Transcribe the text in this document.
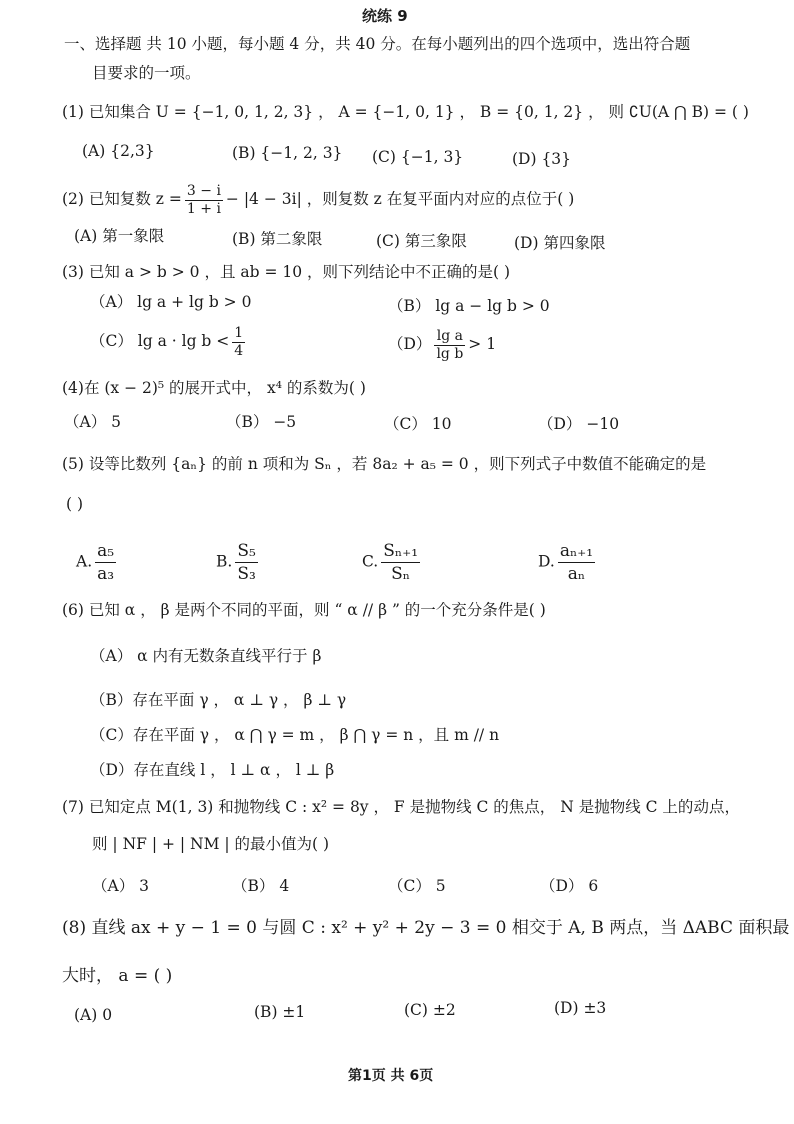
统练 9
一、选择题 共 10 小题，每小题 4 分，共 40 分。在每小题列出的四个选项中，选出符合题
目要求的一项。
(1) 已知集合 U = {−1, 0, 1, 2, 3} ， A = {−1, 0, 1} ， B = {0, 1, 2} ， 则 ∁U(A ⋂ B) = ( )
(A) {2,3}	(B) {−1, 2, 3} (C) {−1, 3}	(D) {3}
(2) 已知复数 $z = \frac{3 - i}{1 + i} - |4 - 3i|$ ，则复数 z 在复平面内对应的点位于( )
(A) 第一象限	(B) 第二象限	(C) 第三象限	(D) 第四象限
(3) 已知 a > b > 0 ，且 ab = 10 ，则下列结论中不正确的是( )
（A） lg a + lg b > 0	（B） lg a − lg b > 0
（C） $\lg a \cdot \lg b < \frac{1}{4}$	$(D) \frac{\text{lg a}}{\text{lg b}} > 1$
(4)在 (x − 2)⁵ 的展开式中， x⁴ 的系数为( )
（A） 5	（B） −5	（C） 10	（D） −10
(5) 设等比数列 {aₙ} 的前 n 项和为 Sₙ ，若 8a₂ + a₅ = 0 ，则下列式子中数值不能确定的是
( )
A. $\frac{\text{a₅}}{\text{a₃}}$	B. $\frac{\text{S₅}}{\text{S₃}}$	C. $\frac{\text{Sₙ₊₁}}{\text{Sₙ}}$	D. $\frac{\text{aₙ₊₁}}{\text{aₙ}}$
(6) 已知 α ， β 是两个不同的平面，则 “ α // β ” 的一个充分条件是( )
（A） α 内有无数条直线平行于 β
（B）存在平面 γ ， α ⊥ γ ， β ⊥ γ
（C）存在平面 γ ， α ⋂ γ = m ， β ⋂ γ = n ，且 m // n
（D）存在直线 l ， l ⊥ α ， l ⊥ β
(7) 已知定点 M(1, 3) 和抛物线 C : x² = 8y ， F 是抛物线 C 的焦点， N 是抛物线 C 上的动点，
则 | NF | + | NM | 的最小值为( )
（A） 3	（B） 4	（C） 5	（D） 6
(8) 直线 ax + y − 1 = 0 与圆 C : x² + y² + 2y − 3 = 0 相交于 A, B 两点，当 ΔABC 面积最
大时， a = ( )
(A) 0	(B) ±1	(C) ±2	(D) ±3
第1页 共 6页
